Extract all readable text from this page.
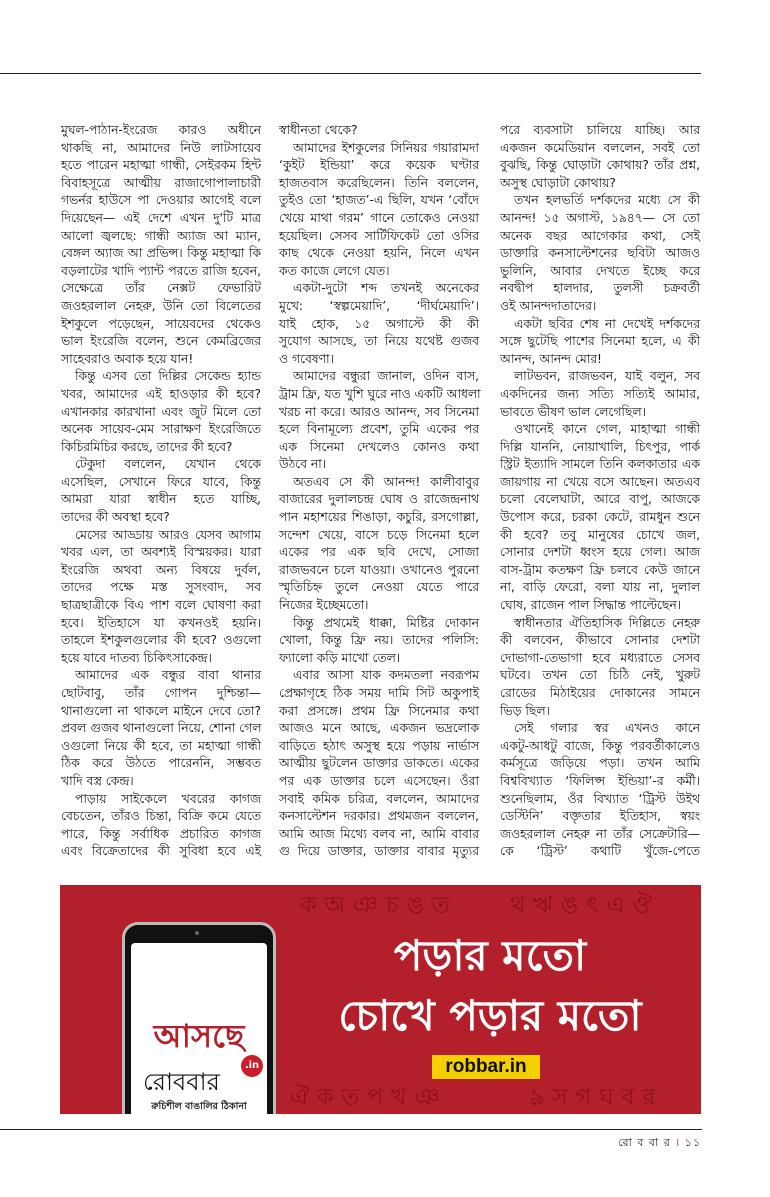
মুঘল-পাঠান-ইংরেজ কারও অধীনে
থাকছি না, আমাদের নিউ লাটসায়েব
হতে পারেন মহাত্মা গান্ধী, সেইরকম হিন্ট
বিবাহসূত্রে আত্মীয় রাজাগোপালাচারী
গভর্নর হাউসে পা দেওয়ার আগেই বলে
দিয়েছেন— এই দেশে এখন দু'টি মাত্র
আলো জ্বলছে: গান্ধী অ্যাজ আ ম্যান,
বেঙ্গল অ্যাজ আ প্রভিন্স। কিন্তু মহাত্মা কি
বড়লাটের খাদি প্যান্ট পরতে রাজি হবেন,
সেক্ষেত্রে তাঁর নেক্সট ফেভারিট
জওহরলাল নেহরু, উনি তো বিলেতের
ইশকুলে পড়েছেন, সায়েবদের থেকেও
ভাল ইংরেজি বলেন, শুনে কেমব্রিজের
সাহেবরাও অবাক হয়ে যান!
কিন্তু এসব তো দিল্লির সেকেন্ড হ্যান্ড
খবর, আমাদের এই হাওড়ার কী হবে?
এখানকার কারখানা এবং জুট মিলে তো
অনেক সায়েব-মেম সারাক্ষণ ইংরেজিতে
কিচিরমিচির করছে, তাদের কী হবে?
টেকুদা বললেন, যেখান থেকে
এসেছিল, সেখানে ফিরে যাবে, কিন্তু
আমরা যারা স্বাধীন হতে যাচ্ছি,
তাদের কী অবস্থা হবে?
মেসের আড্ডায় আরও যেসব আগাম
খবর এল, তা অবশ্যই বিস্ময়কর। যারা
ইংরেজি অথবা অন্য বিষয়ে দুর্বল,
তাদের পক্ষে মস্ত সুসংবাদ, সব
ছাত্রছাত্রীকে বিএ পাশ বলে ঘোষণা করা
হবে। ইতিহাসে যা কখনওই হয়নি।
তাহলে ইশকুলগুলোর কী হবে? ওগুলো
হয়ে যাবে দাতব্য চিকিৎসাকেন্দ্র।
আমাদের এক বন্ধুর বাবা থানার
ছোটবাবু, তাঁর গোপন দুশ্চিন্তা—
থানাগুলো না থাকলে মাইনে দেবে তো?
প্রবল গুজব থানাগুলো নিয়ে, শোনা গেল
ওগুলো নিয়ে কী হবে, তা মহাত্মা গান্ধী
ঠিক করে উঠতে পারেননি, সম্ভবত
খাদি বস্ত্র কেন্দ্র।
পাড়ায় সাইকেলে খবরের কাগজ
বেচতেন, তাঁরও চিন্তা, বিক্রি কমে যেতে
পারে, কিন্তু সর্বাধিক প্রচারিত কাগজ
এবং বিক্রেতাদের কী সুবিধা হবে এই
স্বাধীনতা থেকে?
আমাদের ইশকুলের সিনিয়র গয়ারামদা
‘কুইট ইন্ডিয়া’ করে কয়েক ঘণ্টার
হাজতবাস করেছিলেন। তিনি বললেন,
তুইও তো ‘হাজত’-এ ছিলি, যখন ‘বোঁদে
খেয়ে মাথা গরম’ গানে তোকেও নেওয়া
হয়েছিল। সেসব সার্টিফিকেট তো ওসির
কাছ থেকে নেওয়া হয়নি, নিলে এখন
কত কাজে লেগে যেত।
একটা-দুটো শব্দ তখনই অনেকের
মুখে: ‘স্বল্পমেয়াদি’, ‘দীর্ঘমেয়াদি’।
যাই হোক, ১৫ অগাস্টে কী কী
সুযোগ আসছে, তা নিয়ে যথেষ্ট গুজব
ও গবেষণা।
আমাদের বন্ধুরা জানাল, ওদিন বাস,
ট্রাম ফ্রি, যত খুশি ঘুরে নাও একটি আধলা
খরচ না করে। আরও আনন্দ, সব সিনেমা
হলে বিনামূল্যে প্রবেশ, তুমি একের পর
এক সিনেমা দেখলেও কোনও কথা
উঠবে না।
অতএব সে কী আনন্দ! কালীবাবুর
বাজারের দুলালচন্দ্র ঘোষ ও রাজেন্দ্রনাথ
পান মহাশয়ের শিঙাড়া, কচুরি, রসগোল্লা,
সন্দেশ খেয়ে, বাসে চড়ে সিনেমা হলে
একের পর এক ছবি দেখে, সোজা
রাজভবনে চলে যাওয়া। ওখানেও পুরনো
স্মৃতিচিহ্ন তুলে নেওয়া যেতে পারে
নিজের ইচ্ছেমতো।
কিন্তু প্রথমেই ধাক্কা, মিষ্টির দোকান
খোলা, কিন্তু ফ্রি নয়। তাদের পলিসি:
ফ্যালো কড়ি মাখো তেল।
এবার আসা যাক কদমতলা নবরূপম
প্রেক্ষাগৃহে ঠিক সময় দামি সিট অকুপাই
করা প্রসঙ্গে। প্রথম ফ্রি সিনেমার কথা
আজও মনে আছে, একজন ভদ্রলোক
বাড়িতে হঠাৎ অসুস্থ হয়ে পড়ায় নার্ভাস
আত্মীয় ছুটলেন ডাক্তার ডাকতে। একের
পর এক ডাক্তার চলে এসেছেন। ওঁরা
সবাই কমিক চরিত্র, বললেন, আমাদের
কনসাল্টেশন দরকার। প্রথমজন বললেন,
আমি আজ মিথ্যে বলব না, আমি বাবার
গু দিয়ে ডাক্তার, ডাক্তার বাবার মৃত্যুর
পরে ব্যবসাটা চালিয়ে যাচ্ছি। আর
একজন কমেডিয়ান বললেন, সবই তো
বুঝছি, কিন্তু ঘোড়াটা কোথায়? তাঁর প্রশ্ন,
অসুস্থ ঘোড়াটা কোথায়?
তখন হলভর্তি দর্শকদের মধ্যে সে কী
আনন্দ! ১৫ অগাস্ট, ১৯৪৭— সে তো
অনেক বছর আগেকার কথা, সেই
ডাক্তারি কনসাল্টেশনের ছবিটা আজও
ভুলিনি, আবার দেখতে ইচ্ছে করে
নবদ্বীপ হালদার, তুলসী চক্রবর্তী
ওই আনন্দদাতাদের।
একটা ছবির শেষ না দেখেই দর্শকদের
সঙ্গে ছুটেছি পাশের সিনেমা হলে, এ কী
আনন্দ, আনন্দ মোর!
লাটভবন, রাজভবন, যাই বলুন, সব
একদিনের জন্য সত্যি সত্যিই আমার,
ভাবতে ভীষণ ভাল লেগেছিল।
ওখানেই কানে গেল, মাহাত্মা গান্ধী
দিল্লি যাননি, নোয়াখালি, চিৎপুর, পার্ক
স্ট্রিট ইত্যাদি সামলে তিনি কলকাতার এক
জায়গায় না খেয়ে বসে আছেন। অতএব
চলো বেলেঘাটা, আরে বাপু, আজকে
উপোস করে, চরকা কেটে, রামধুন শুনে
কী হবে? তবু মানুষের চোখে জল,
সোনার দেশটা ধ্বংস হয়ে গেল। আজ
বাস-ট্রাম কতক্ষণ ফ্রি চলবে কেউ জানে
না, বাড়ি ফেরো, বলা যায় না, দুলাল
ঘোষ, রাজেন পাল সিদ্ধান্ত পাল্টেছেন।
স্বাধীনতার ঐতিহাসিক দিল্লিতে নেহরু
কী বলবেন, কীভাবে সোনার দেশটা
দোভাগা-তেভাগা হবে মধ্যরাতে সেসব
ঘটবে। তখন তো চিঠি নেই, খুরুট
রোডের মিঠাইয়ের দোকানের সামনে
ভিড় ছিল।
সেই গলার স্বর এখনও কানে
একটু-আধটু বাজে, কিন্তু পরবর্তীকালেও
কর্মসূত্রে জড়িয়ে পড়া। তখন আমি
বিশ্ববিখ্যাত ‘ফিলিপ্স ইন্ডিয়া’-র কর্মী।
শুনেছিলাম, ওঁর বিখ্যাত ‘ট্রিস্ট উইথ
ডেস্টিনি’ বক্তৃতার ইতিহাস, স্বয়ং
জওহরলাল নেহরু না তাঁর সেক্রেটারি—
কে ‘ট্রিস্ট’ কথাটি খুঁজে-পেতে
ক অ ঞ চ ঙ ত	থ ঋ ঙ ৎ এ ঔ
ঐ ক ত প খ ঞ	ঌ স গ ঘ ব র
আসছে
রোববার
.in
রুচিশীল বাঙালির ঠিকানা
পড়ার মতো
চোখে পড়ার মতো
robbar.in
রো ব বা র । ১১
